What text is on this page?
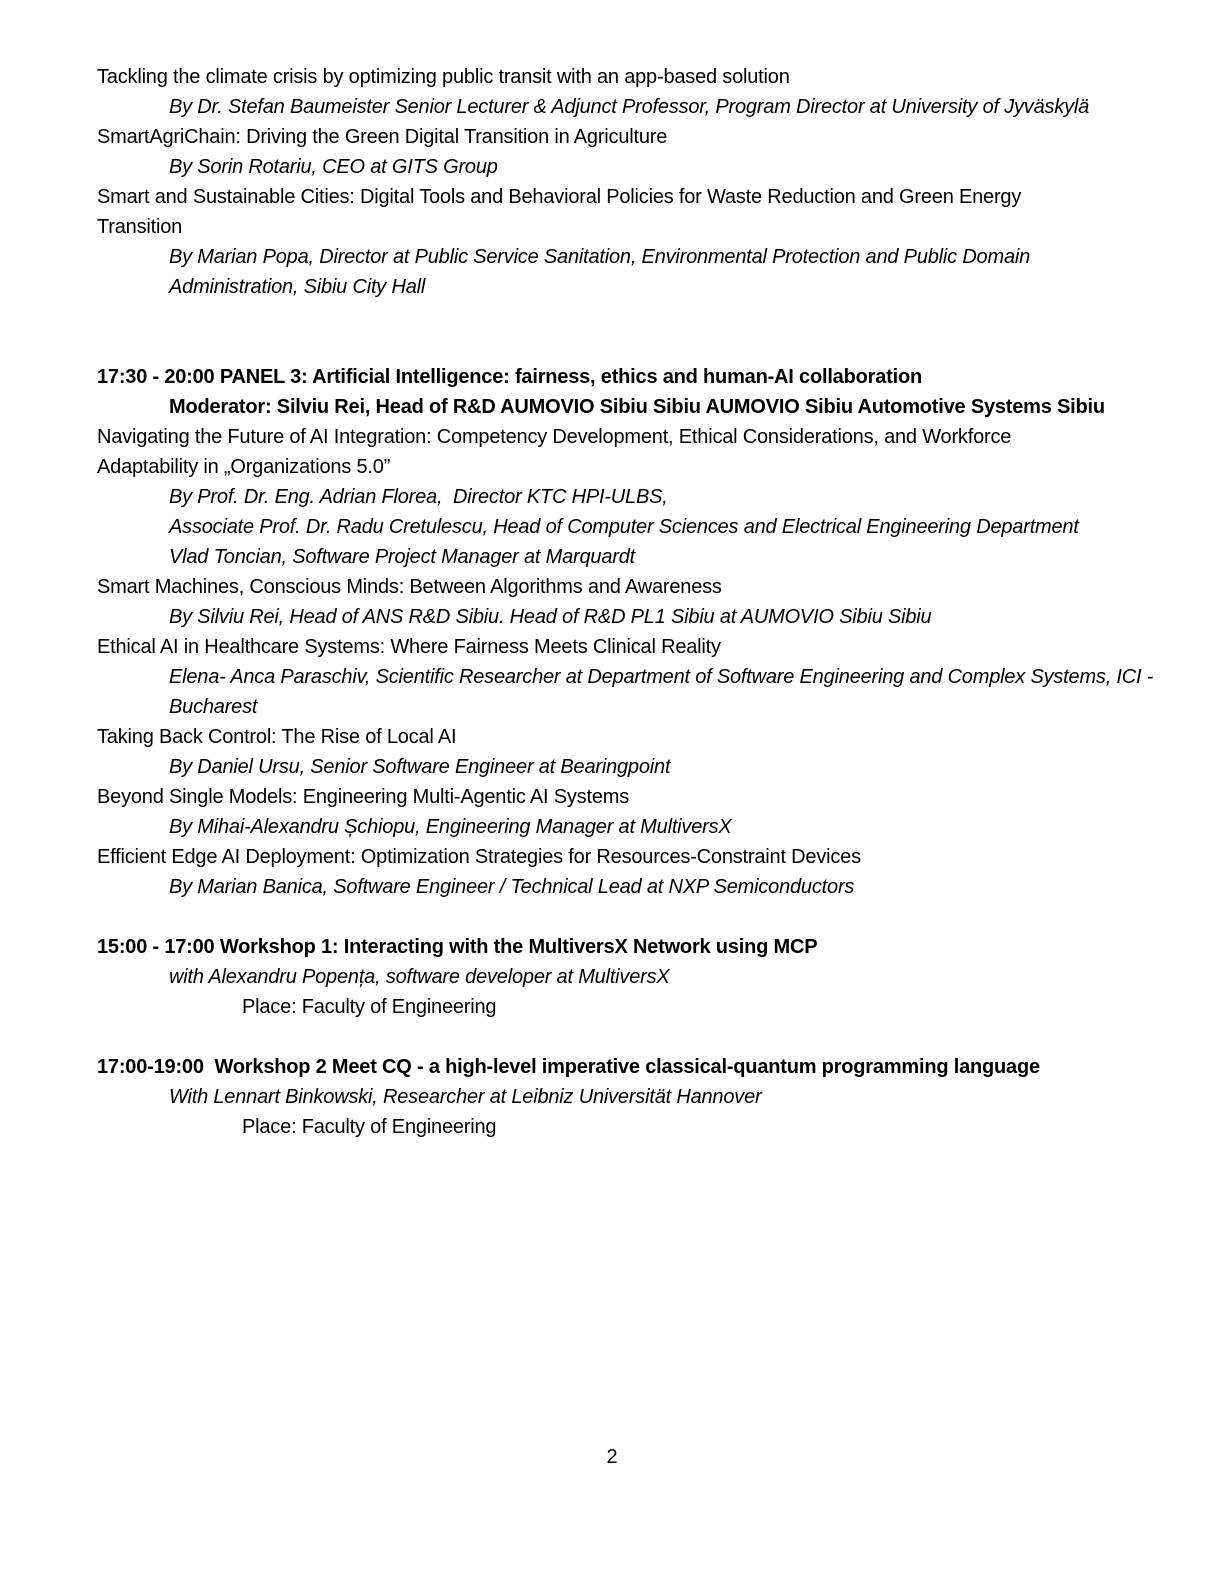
Tackling the climate crisis by optimizing public transit with an app-based solution
By Dr. Stefan Baumeister Senior Lecturer & Adjunct Professor, Program Director at University of Jyväskylä
SmartAgriChain: Driving the Green Digital Transition in Agriculture
By Sorin Rotariu, CEO at GITS Group
Smart and Sustainable Cities: Digital Tools and Behavioral Policies for Waste Reduction and Green Energy
Transition
By Marian Popa, Director at Public Service Sanitation, Environmental Protection and Public Domain
Administration, Sibiu City Hall
17:30 - 20:00 PANEL 3: Artificial Intelligence: fairness, ethics and human-AI collaboration
Moderator: Silviu Rei, Head of R&D AUMOVIO Sibiu Sibiu AUMOVIO Sibiu Automotive Systems Sibiu
Navigating the Future of AI Integration: Competency Development, Ethical Considerations, and Workforce
Adaptability in „Organizations 5.0”
By Prof. Dr. Eng. Adrian Florea,  Director KTC HPI-ULBS,
Associate Prof. Dr. Radu Cretulescu, Head of Computer Sciences and Electrical Engineering Department
Vlad Toncian, Software Project Manager at Marquardt
Smart Machines, Conscious Minds: Between Algorithms and Awareness
By Silviu Rei, Head of ANS R&D Sibiu. Head of R&D PL1 Sibiu at AUMOVIO Sibiu Sibiu
Ethical AI in Healthcare Systems: Where Fairness Meets Clinical Reality
Elena- Anca Paraschiv, Scientific Researcher at Department of Software Engineering and Complex Systems, ICI -
Bucharest
Taking Back Control: The Rise of Local AI
By Daniel Ursu, Senior Software Engineer at Bearingpoint
Beyond Single Models: Engineering Multi-Agentic AI Systems
By Mihai-Alexandru Șchiopu, Engineering Manager at MultiversX
Efficient Edge AI Deployment: Optimization Strategies for Resources-Constraint Devices
By Marian Banica, Software Engineer / Technical Lead at NXP Semiconductors
15:00 - 17:00 Workshop 1: Interacting with the MultiversX Network using MCP
with Alexandru Popența, software developer at MultiversX
Place: Faculty of Engineering
17:00-19:00  Workshop 2 Meet CQ - a high-level imperative classical-quantum programming language
With Lennart Binkowski, Researcher at Leibniz Universität Hannover
Place: Faculty of Engineering
2
